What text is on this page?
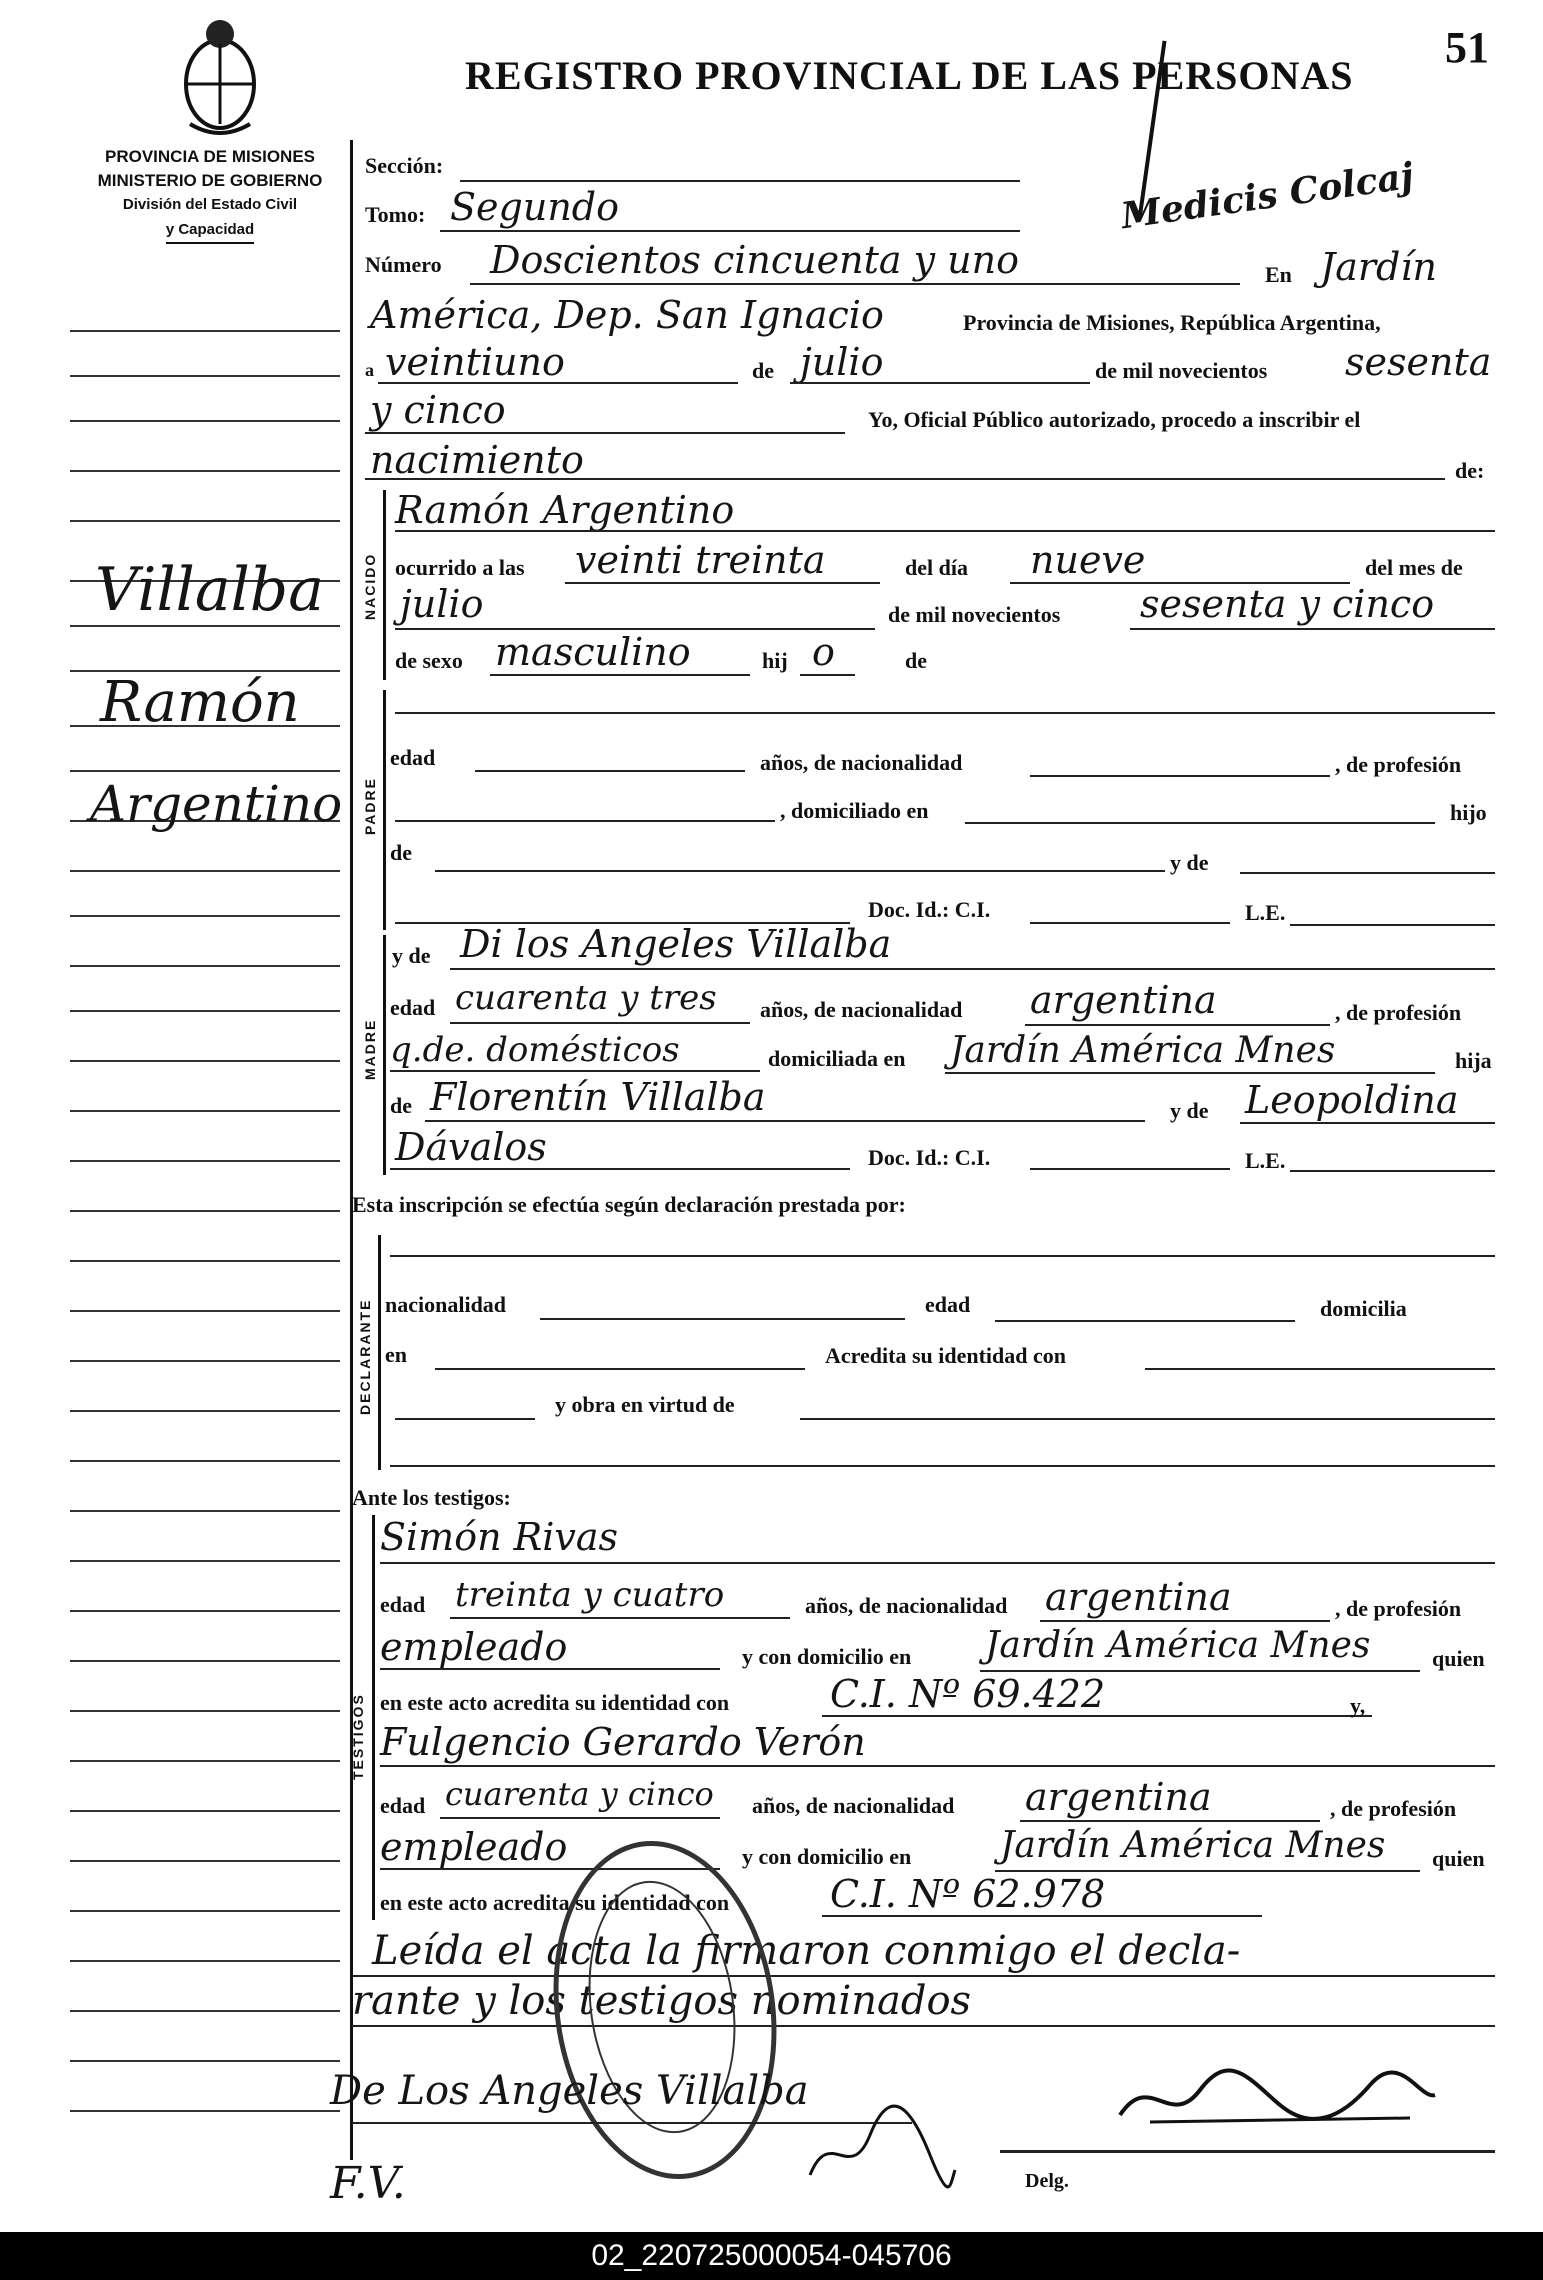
PROVINCIA DE MISIONES
MINISTERIO DE GOBIERNO
División del Estado Civil
y Capacidad
REGISTRO PROVINCIAL DE LAS PERSONAS
51
Medicis Colcaj
Villalba
Ramón
Argentino
Sección:
Tomo: Segundo
Número Doscientos cincuenta y uno	En Jardín
América, Dep. San Ignacio	Provincia de Misiones, República Argentina,
a veintiuno	de julio	de mil novecientos sesenta
y cinco	Yo, Oficial Público autorizado, procedo a inscribir el
nacimiento	de:
NACIDO
Ramón Argentino
ocurrido a las veinti treinta	del día nueve	del mes de
julio	de mil novecientos sesenta y cinco
de sexo masculino	hij o	de
PADRE
edad	años, de nacionalidad	, de profesión
, domiciliado en	hijo
de	y de
Doc. Id.: C.I.	L.E.
MADRE
y de Di los Angeles Villalba
edad cuarenta y tres años, de nacionalidad argentina	, de profesión
q.de. domésticos	domiciliada en Jardín América Mnes	hija
de Florentín Villalba	y de Leopoldina
Dávalos	Doc. Id.: C.I.	L.E.
Esta inscripción se efectúa según declaración prestada por:
DECLARANTE nacionalidad	edad	domicilia
en	Acredita su identidad con
y obra en virtud de
Ante los testigos:
TESTIGOS
Simón Rivas
edad treinta y cuatro	años, de nacionalidad argentina	, de profesión
empleado	y con domicilio en Jardín América Mnes	quien
en este acto acredita su identidad con	C.I. Nº 69.422	y,
Fulgencio Gerardo Verón
edad cuarenta y cinco años, de nacionalidad argentina	, de profesión
empleado	y con domicilio en Jardín América Mnes quien
en este acto acredita su identidad con	C.I. Nº 62.978
Leída el acta la firmaron conmigo el decla-
rante y los testigos nominados
De Los Angeles Villalba
F.V.	Delg.
02_220725000054-045706
